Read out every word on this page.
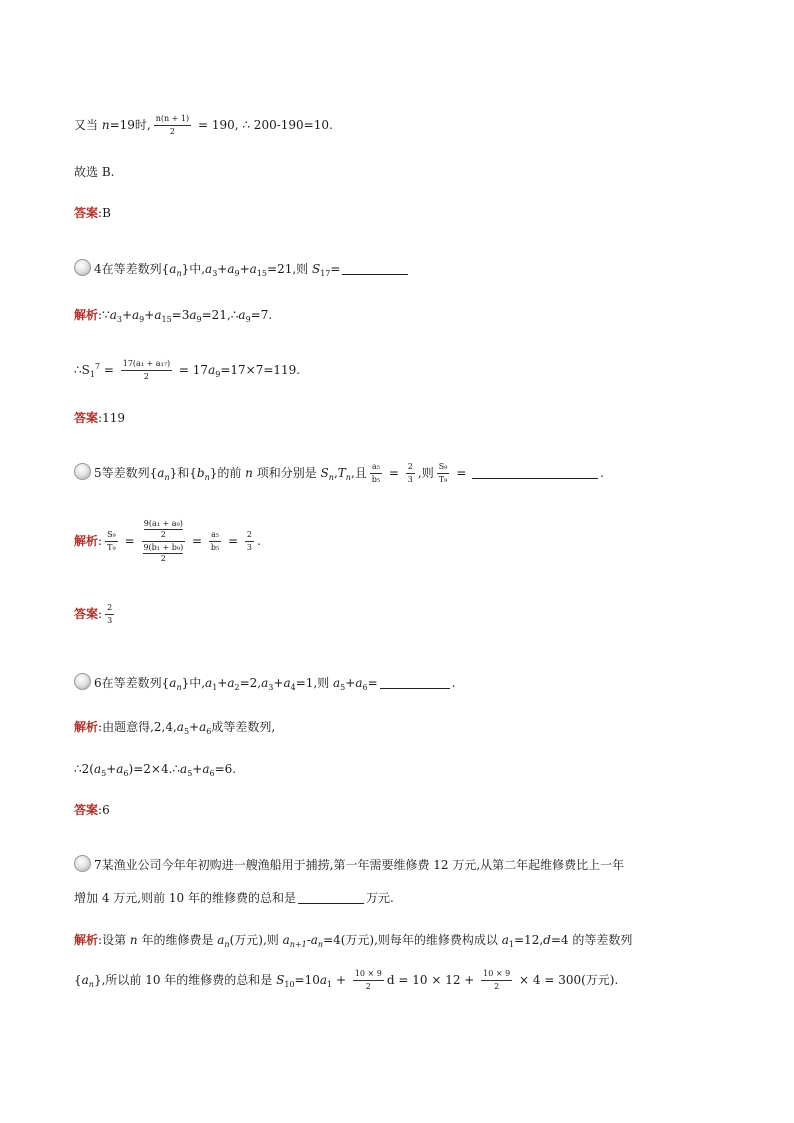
又当 n=19时, $\frac{n(n + 1)}{2} = 190$, ∴ 200-190=10.
故选 B.
答案:B
4在等差数列$\{a_n\}$中$,a_3+a_9+a_{15}=21$,则 $S_{17}=$
解析$:\because a_3+a_9+a_{15}=3a_9=21,\therefore a_9=7$.
$\therefore S_1^7 = \frac{\text{17(a₁ + a₁₇)}}{2} = 17a_9=17\times 7=119$.
答案:119
5等差数列$\{a_n\}$和$\{b_n\}$的前 n 项和分别是 $S_n,T_n$,且 $\frac{\text{a₅}}{\text{b₅}} = \frac{2}{3}$ ,则 $\frac{\text{S₉}}{\text{T₉}}$ =	.
解析: $\frac{\text{S₉}}{\text{T₉}} = \frac{\frac{\text{9(a₁ + a₉)}}{2}}{\frac{\text{9(b₁ + b₉)}}{2}} = \frac{\text{a₅}}{\text{b₅}} = \frac{2}{3}$ .
答案: $\frac{2}{3}$
6在等差数列$\{a_n\}$中$,a_1+a_2=2,a_3+a_4=1$,则 $a_5+a_6=$	.
解析:由题意得$,2,4,a_5+a_6$成等差数列,
$\therefore 2(a_5+a_6)=2\times 4.\therefore a_5+a_6=6$.
答案:6
7某渔业公司今年年初购进一艘渔船用于捕捞,第一年需要维修费 12 万元,从第二年起维修费比上一年
增加 4 万元,则前 10 年的维修费的总和是	万元.
解析:设第 n 年的维修费是 $a_n$(万元),则 $a_{n+1}-a_n=4$(万元),则每年的维修费构成以 $a_1=12,d=4$ 的等差数列
$\{a_n\}$,所以前 10 年的维修费的总和是 $S_{10}=10a_1 + \frac{10 \times 9}{2}$ $d = 10 \times 12 + \frac{10 \times 9}{2} \times 4 = 300$(万元).
